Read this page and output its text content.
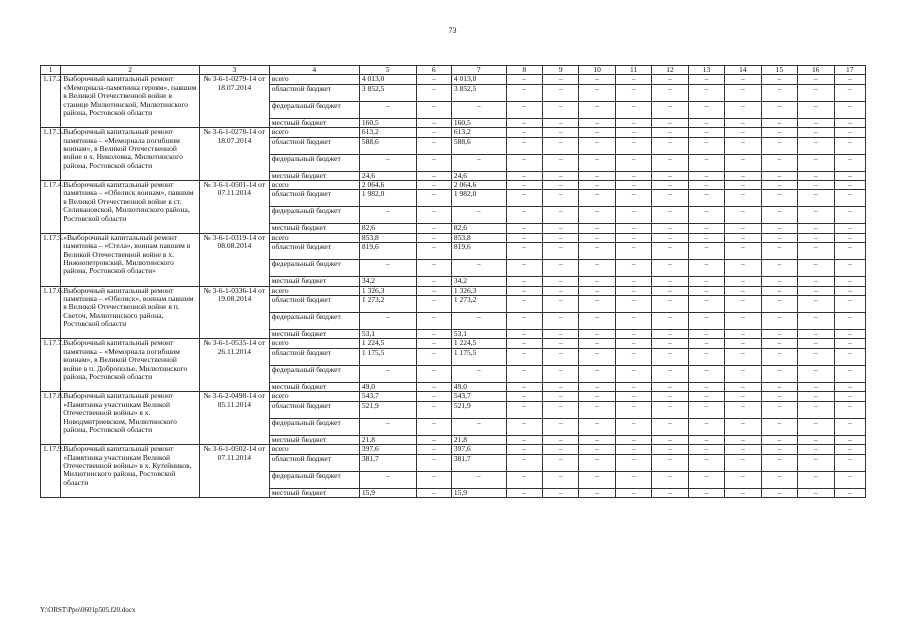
73
1	2	3	4	5	6	7	8	9	10	11	12	13	14	15	16	17
1.17.2	Выборочный капитальный ремонт «Мемориала-памятника героям», павшим в Великой Отечественной войне в станице Милютинской, Милютинского района, Ростовской области	№ 3-6-1-0279-14 от 18.07.2014	всего	4 013,0	–	4 013,0	–	–	–	–	–	–	–	–	–	–
			областной бюджет	3 852,5	–	3 852,5	–	–	–	–	–	–	–	–	–	–
			федеральный бюджет	–	–	–	–	–	–	–	–	–	–	–	–	–
			местный бюджет	160,5	–	160,5	–	–	–	–	–	–	–	–	–	–
1.17.3.	Выборочный капитальный ремонт памятника – «Мемориала погибшим воинам», в Великой Отечественной войне в х. Николовка, Милютинского района, Ростовской области	№ 3-6-1-0278-14 от 18.07.2014	всего	613,2	–	613,2	–	–	–	–	–	–	–	–	–	–
			областной бюджет	588,6	–	588,6	–	–	–	–	–	–	–	–	–	–
			федеральный бюджет	–	–	–	–	–	–	–	–	–	–	–	–	–
			местный бюджет	24,6	–	24,6	–	–	–	–	–	–	–	–	–	–
1.17.4.	Выборочный капитальный ремонт памятника – «Обелиск воинам», павшим в Великой Отечественной войне в ст. Селивановской, Милютинского района, Ростовской области	№ 3-6-1-0501-14 от 07.11.2014	всего	2 064,6	–	2 064,6	–	–	–	–	–	–	–	–	–	–
			областной бюджет	1 982,0	–	1 982,0	–	–	–	–	–	–	–	–	–	–
			федеральный бюджет	–	–	–	–	–	–	–	–	–	–	–	–	–
			местный бюджет	82,6	–	82,6	–	–	–	–	–	–	–	–	–	–
1.17.5.	«Выборочный капитальный ремонт памятника – «Стела», воинам павшим в Великой Отечественной войне в х. Нижнепетровский, Милютинского района, Ростовской области»	№ 3-6-1-0319-14 от 08.08.2014	всего	853,8	–	853,8	–	–	–	–	–	–	–	–	–	–
			областной бюджет	819,6	–	819,6	–	–	–	–	–	–	–	–	–	–
			федеральный бюджет	–	–	–	–	–	–	–	–	–	–	–	–	–
			местный бюджет	34,2	–	34,2	–	–	–	–	–	–	–	–	–	–
1.17.6.	Выборочный капитальный ремонт памятника – «Обелиск», воинам павшим в Великой Отечественной войне в п. Светоч, Милютинского района, Ростовской области	№ 3-6-1-0336-14 от 19.08.2014	всего	1 326,3	–	1 326,3	–	–	–	–	–	–	–	–	–	–
			областной бюджет	1 273,2	–	1 273,2	–	–	–	–	–	–	–	–	–	–
			федеральный бюджет	–	–	–	–	–	–	–	–	–	–	–	–	–
			местный бюджет	53,1	–	53,1	–	–	–	–	–	–	–	–	–	–
1.17.7.	Выборочный капитальный ремонт памятника – «Мемориала погибшим воинам», в Великой Отечественной войне в п. Доброполье, Милютинского района, Ростовской области	№ 3-6-1-0535-14 от 26.11.2014	всего	1 224,5	–	1 224,5	–	–	–	–	–	–	–	–	–	–
			областной бюджет	1 175,5	–	1 175,5	–	–	–	–	–	–	–	–	–	–
			федеральный бюджет	–	–	–	–	–	–	–	–	–	–	–	–	–
			местный бюджет	49,0	–	49,0	–	–	–	–	–	–	–	–	–	–
1.17.8.	Выборочный капитальный ремонт «Памятника участникам Великой Отечественной войны» в х. Новодмитриевском, Милютинского района, Ростовской области	№ 3-6-2-0498-14 от 05.11.2014	всего	543,7	–	543,7	–	–	–	–	–	–	–	–	–	–
			областной бюджет	521,9	–	521,9	–	–	–	–	–	–	–	–	–	–
			федеральный бюджет	–	–	–	–	–	–	–	–	–	–	–	–	–
			местный бюджет	21,8	–	21,8	–	–	–	–	–	–	–	–	–	–
1.17.9.	Выборочный капитальный ремонт «Памятника участникам Великой Отечественной войны» в х. Кутейников, Милютинского района, Ростовской области	№ 3-6-1-0502-14 от 07.11.2014	всего	397,6	–	397,6	–	–	–	–	–	–	–	–	–	–
			областной бюджет	381,7	–	381,7	–	–	–	–	–	–	–	–	–	–
			федеральный бюджет	–	–	–	–	–	–	–	–	–	–	–	–	–
			местный бюджет	15,9	–	15,9	–	–	–	–	–	–	–	–	–	–
Y:\ORST\Ppo\0601p505.f20.docx
